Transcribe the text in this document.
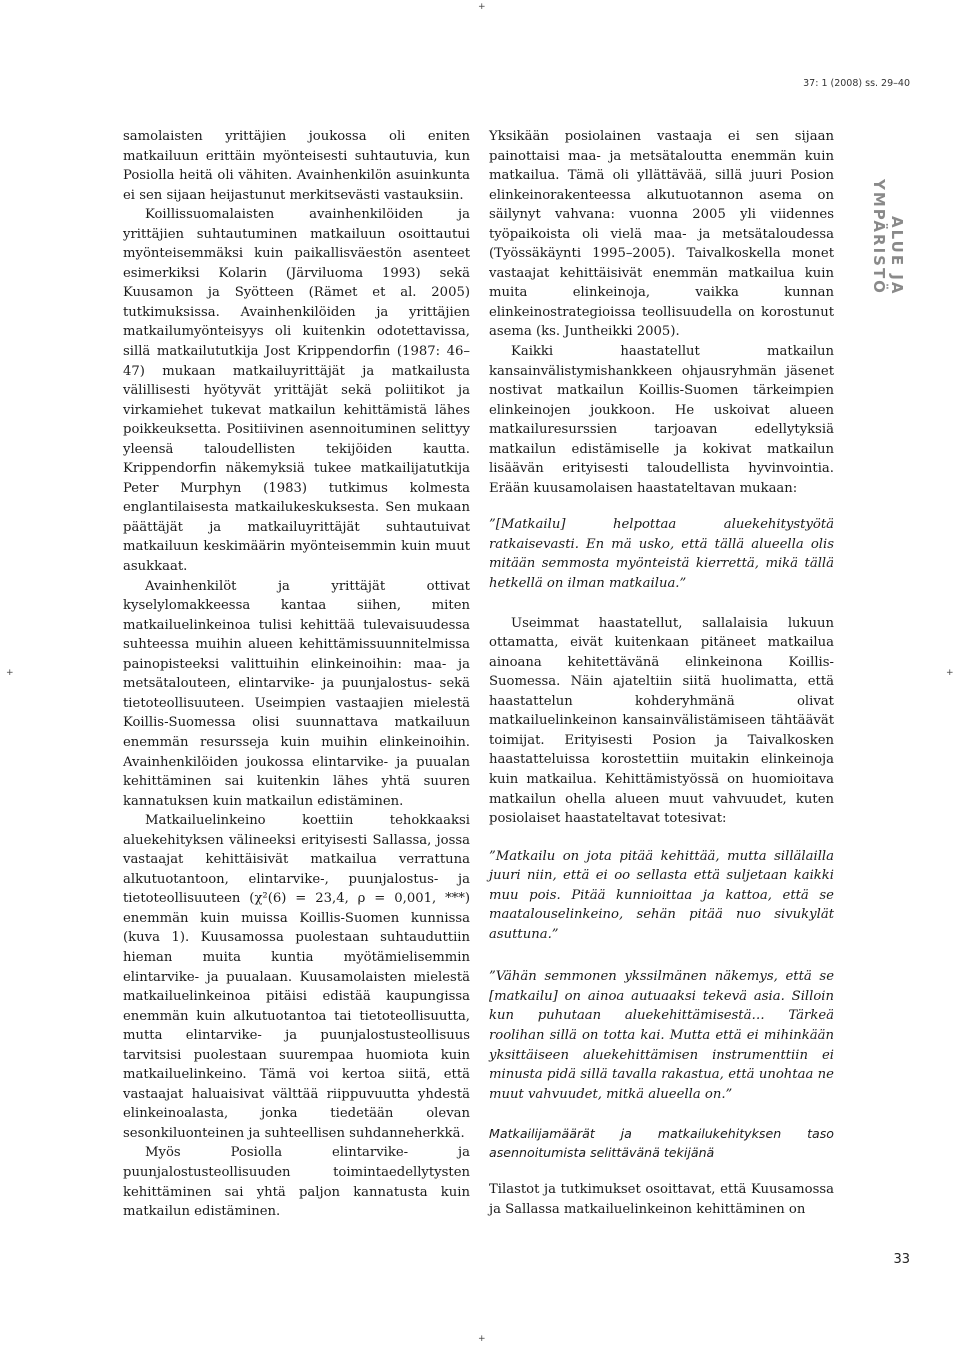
+
+	+
+
37: 1 (2008) ss. 29–40
ALUE JA YMPÄRISTÖ

samolaisten yrittäjien joukossa oli eniten matkailuun erittäin myönteisesti suhtautuvia, kun Posiolla heitä oli vähiten. Avainhenkilön asuinkunta ei sen sijaan heijastunut merkitsevästi vastauksiin.

Koillissuomalaisten avainhenkilöiden ja yrittäjien suhtautuminen matkailuun osoittautui myönteisemmäksi kuin paikallisväestön asenteet esimerkiksi Kolarin (Järviluoma 1993) sekä Kuusamon ja Syötteen (Rämet et al. 2005) tutkimuksissa. Avainhenkilöiden ja yrittäjien matkailumyönteisyys oli kuitenkin odotettavissa, sillä matkailututkija Jost Krippendorfin (1987: 46–47) mukaan matkailuyrittäjät ja matkailusta välillisesti hyötyvät yrittäjät sekä poliitikot ja virkamiehet tukevat matkailun kehittämistä lähes poikkeuksetta. Positiivinen asennoituminen selittyy yleensä taloudellisten tekijöiden kautta. Krippendorfin näkemyksiä tukee matkailijatutkija Peter Murphyn (1983) tutkimus kolmesta englantilaisesta matkailukeskuksesta. Sen mukaan päättäjät ja matkailuyrittäjät suhtautuivat matkailuun keskimäärin myönteisemmin kuin muut asukkaat.

Avainhenkilöt ja yrittäjät ottivat kyselylomakkeessa kantaa siihen, miten matkailuelinkeinoa tulisi kehittää tulevaisuudessa suhteessa muihin alueen kehittämissuunnitelmissa painopisteeksi valittuihin elinkeinoihin: maa- ja metsätalouteen, elintarvike- ja puunjalostus- sekä tietoteollisuuteen. Useimpien vastaajien mielestä Koillis-Suomessa olisi suunnattava matkailuun enemmän resursseja kuin muihin elinkeinoihin. Avainhenkilöiden joukossa elintarvike- ja puualan kehittäminen sai kuitenkin lähes yhtä suuren kannatuksen kuin matkailun edistäminen.

Matkailuelinkeino koettiin tehokkaaksi aluekehityksen välineeksi erityisesti Sallassa, jossa vastaajat kehittäisivät matkailua verrattuna alkutuotantoon, elintarvike-, puunjalostus- ja tietoteollisuuteen (χ²(6) = 23,4, ρ = 0,001, ***) enemmän kuin muissa Koillis-Suomen kunnissa (kuva 1). Kuusamossa puolestaan suhtauduttiin hieman muita kuntia myötämielisemmin elintarvike- ja puualaan. Kuusamolaisten mielestä matkailuelinkeinoa pitäisi edistää kaupungissa enemmän kuin alkutuotantoa tai tietoteollisuutta, mutta elintarvike- ja puunjalostusteollisuus tarvitsisi puolestaan suurempaa huomiota kuin matkailuelinkeino. Tämä voi kertoa siitä, että vastaajat haluaisivat välttää riippuvuutta yhdestä elinkeinoalasta, jonka tiedetään olevan sesonkiluonteinen ja suhteellisen suhdanneherkkä.

Myös Posiolla elintarvike- ja puunjalostusteollisuuden toimintaedellytysten kehittäminen sai yhtä paljon kannatusta kuin matkailun edistäminen.

Yksikään posiolainen vastaaja ei sen sijaan painottaisi maa- ja metsätaloutta enemmän kuin matkailua. Tämä oli yllättävää, sillä juuri Posion elinkeinorakenteessa alkutuotannon asema on säilynyt vahvana: vuonna 2005 yli viidennes työpaikoista oli vielä maa- ja metsätaloudessa (Työssäkäynti 1995–2005). Taivalkoskella monet vastaajat kehittäisivät enemmän matkailua kuin muita elinkeinoja, vaikka kunnan elinkeinostrategioissa teollisuudella on korostunut asema (ks. Juntheikki 2005).

Kaikki haastatellut matkailun kansainvälistymishankkeen ohjausryhmän jäsenet nostivat matkailun Koillis-Suomen tärkeimpien elinkeinojen joukkoon. He uskoivat alueen matkailuresurssien tarjoavan edellytyksiä matkailun edistämiselle ja kokivat matkailun lisäävän erityisesti taloudellista hyvinvointia. Erään kuusamolaisen haastateltavan mukaan:

”[Matkailu] helpottaa aluekehitystyötä ratkaisevasti. En mä usko, että tällä alueella olis mitään semmosta myönteistä kierrettä, mikä tällä hetkellä on ilman matkailua.”

Useimmat haastatellut, sallalaisia lukuun ottamatta, eivät kuitenkaan pitäneet matkailua ainoana kehitettävänä elinkeinona Koillis-Suomessa. Näin ajateltiin siitä huolimatta, että haastattelun kohderyhmänä olivat matkailuelinkeinon kansainvälistämiseen tähtäävät toimijat. Erityisesti Posion ja Taivalkosken haastatteluissa korostettiin muitakin elinkeinoja kuin matkailua. Kehittämistyössä on huomioitava matkailun ohella alueen muut vahvuudet, kuten posiolaiset haastateltavat totesivat:

”Matkailu on jota pitää kehittää, mutta sillälailla juuri niin, että ei oo sellasta että suljetaan kaikki muu pois. Pitää kunnioittaa ja kattoa, että se maatalouselinkeino, sehän pitää nuo sivukylät asuttuna.”

”Vähän semmonen ykssilmänen näkemys, että se [matkailu] on ainoa autuaaksi tekevä asia. Silloin kun puhutaan aluekehittämisestä… Tärkeä roolihan sillä on totta kai. Mutta että ei mihinkään yksittäiseen aluekehittämisen instrumenttiin ei minusta pidä sillä tavalla rakastua, että unohtaa ne muut vahvuudet, mitkä alueella on.”

Matkailijamäärät ja matkailukehityksen taso asennoitumista selittävänä tekijänä

Tilastot ja tutkimukset osoittavat, että Kuusamossa ja Sallassa matkailuelinkeinon kehittäminen on

33
